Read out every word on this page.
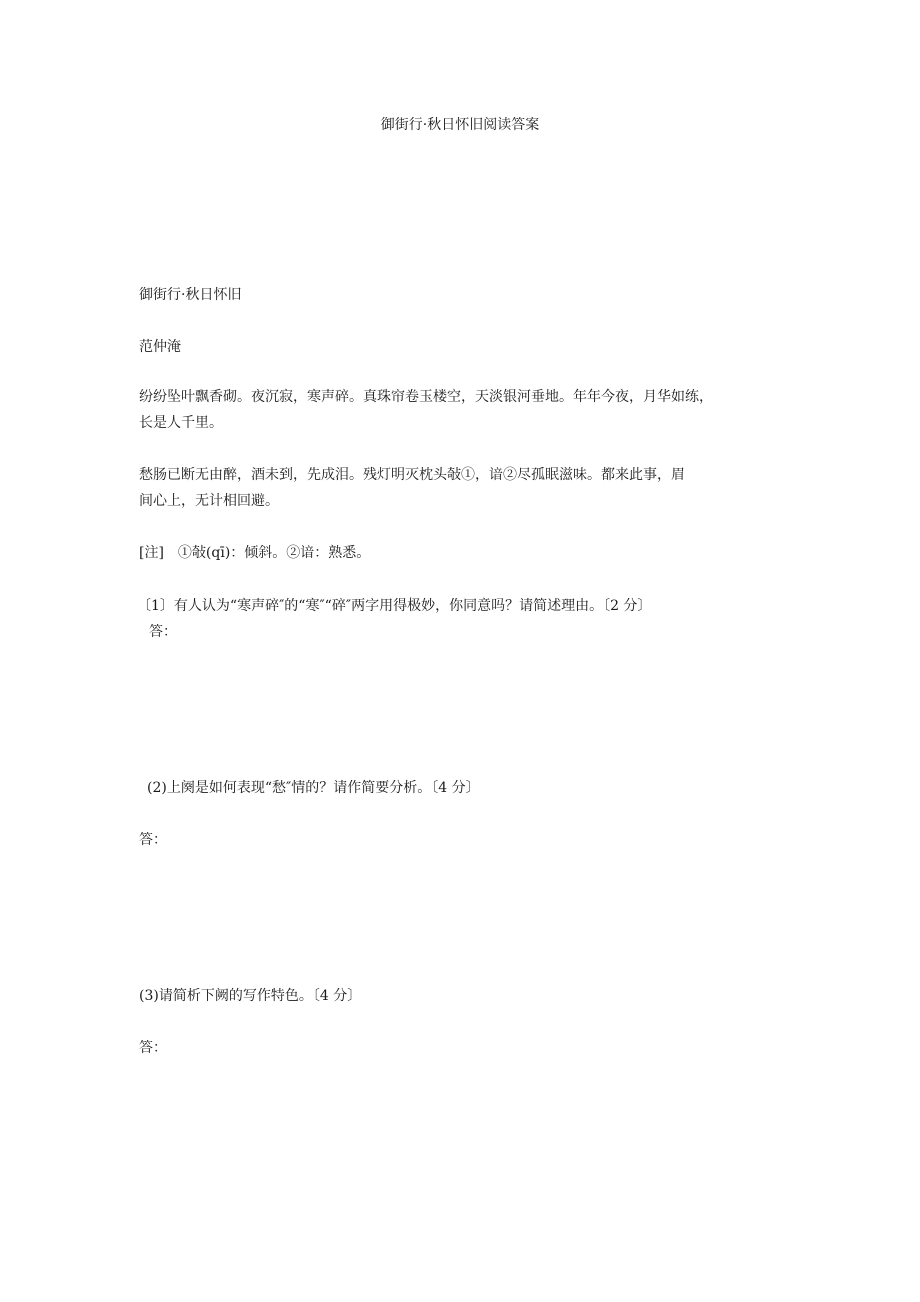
御街行·秋日怀旧阅读答案
御街行·秋日怀旧
范仲淹
纷纷坠叶飘香砌。夜沉寂，寒声碎。真珠帘卷玉楼空，天淡银河垂地。年年今夜，月华如练，
长是人千里。
愁肠已断无由醉，酒未到，先成泪。残灯明灭枕头敧①，谙②尽孤眠滋味。都来此事，眉
间心上，无计相回避。
[注]　①敧(qī)：倾斜。②谙：熟悉。
〔1〕有人认为“寒声碎″的“寒″“碎″两字用得极妙，你同意吗？请简述理由。〔2 分〕
答：
(2)上阕是如何表现“愁″情的？请作简要分析。〔4 分〕
答：
(3)请简析下阙的写作特色。〔4 分〕
答：
